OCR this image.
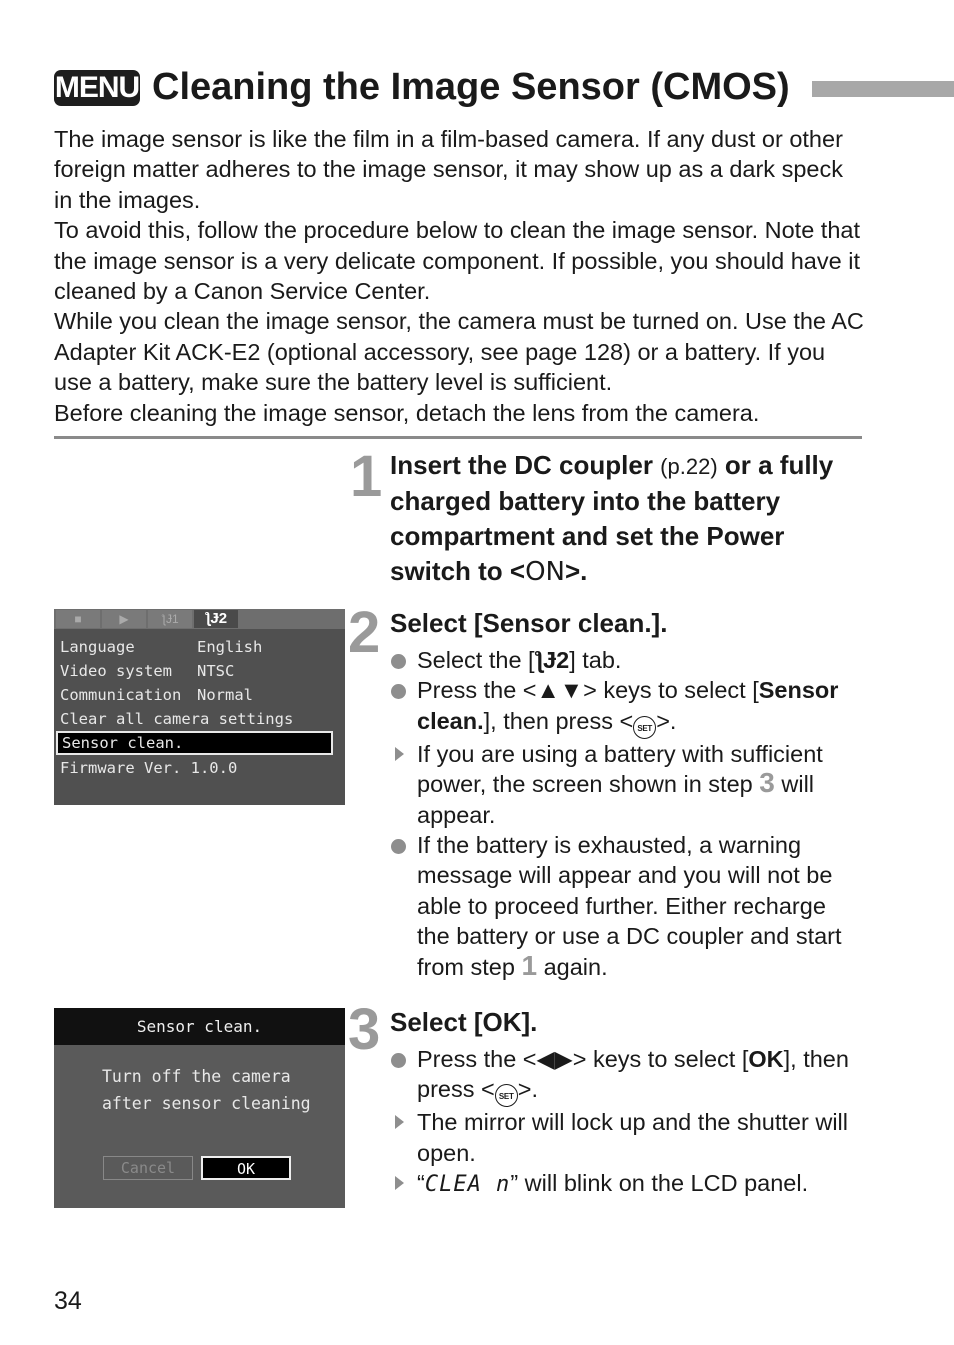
MENU Cleaning the Image Sensor (CMOS)

The image sensor is like the film in a film-based camera. If any dust or other foreign matter adheres to the image sensor, it may show up as a dark speck in the images.

To avoid this, follow the procedure below to clean the image sensor. Note that the image sensor is a very delicate component. If possible, you should have it cleaned by a Canon Service Center.

While you clean the image sensor, the camera must be turned on. Use the AC Adapter Kit ACK-E2 (optional accessory, see page 128) or a battery. If you use a battery, make sure the battery level is sufficient.

Before cleaning the image sensor, detach the lens from the camera.

1 Insert the DC coupler (p.22) or a fully charged battery into the battery compartment and set the Power switch to <ON>.
■	▶	ƪɈ1	ƪɈ2
Language	English
Video system NTSC
Communication Normal
Clear all camera settings
Sensor clean.
Firmware Ver. 1.0.0
2 Select [Sensor clean.].
Select the [ƪɈ2] tab.
Press the <▲▼> keys to select [Sensor clean.], then press < SET >.
If you are using a battery with sufficient power, the screen shown in step 3 will appear.
If the battery is exhausted, a warning message will appear and you will not be able to proceed further. Either recharge the battery or use a DC coupler and start from step 1 again.
Sensor clean.
Turn off the camera
after sensor cleaning
Cancel	OK
3 Select [OK].
Press the <◀▶> keys to select [OK], then press < SET >.
The mirror will lock up and the shutter will open.
“CLEA n” will blink on the LCD panel.
34
